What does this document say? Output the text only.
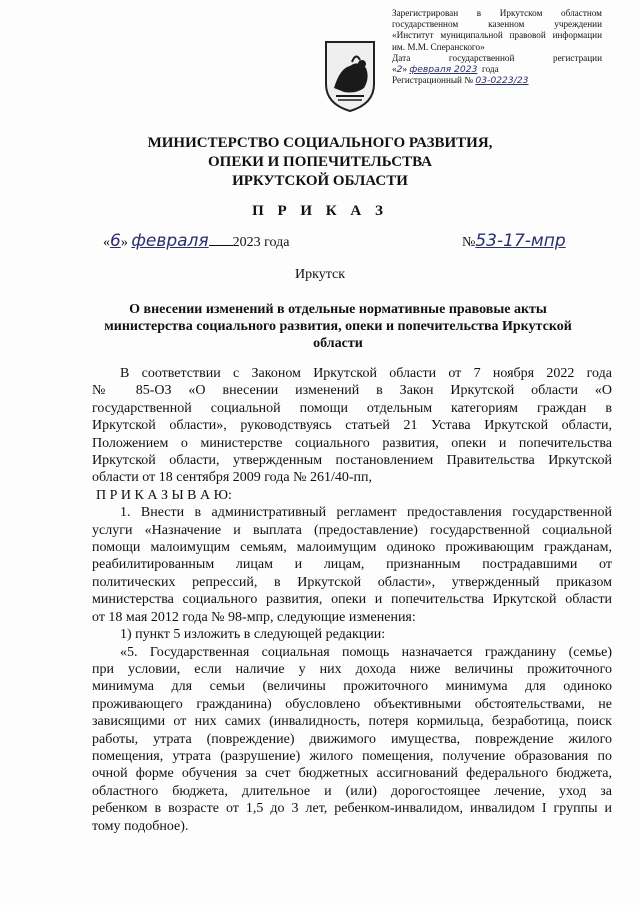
Зарегистрирован в Иркутском областном
государственном казенном учреждении
«Институт муниципальной правовой информации
им. М.М. Сперанского»
Дата государственной регистрации
«2» февраля 2023 года
Регистрационный № 03-0223/23
МИНИСТЕРСТВО СОЦИАЛЬНОГО РАЗВИТИЯ,
ОПЕКИ И ПОПЕЧИТЕЛЬСТВА
ИРКУТСКОЙ ОБЛАСТИ
П Р И К А З
«6» февраля 2023 года	№53-17-мпр
Иркутск
О внесении изменений в отдельные нормативные правовые акты
министерства социального развития, опеки и попечительства Иркутской
области
В соответствии с Законом Иркутской области от 7 ноября 2022 года
№ 85-ОЗ «О внесении изменений в Закон Иркутской области «О
государственной социальной помощи отдельным категориям граждан в
Иркутской области», руководствуясь статьей 21 Устава Иркутской области,
Положением о министерстве социального развития, опеки и попечительства
Иркутской области, утвержденным постановлением Правительства Иркутской
области от 18 сентября 2009 года № 261/40-пп,
П Р И К А З Ы В А Ю:
1. Внести в административный регламент предоставления государственной
услуги «Назначение и выплата (предоставление) государственной социальной
помощи малоимущим семьям, малоимущим одиноко проживающим гражданам,
реабилитированным лицам и лицам, признанным пострадавшими от
политических репрессий, в Иркутской области», утвержденный приказом
министерства социального развития, опеки и попечительства Иркутской области
от 18 мая 2012 года № 98-мпр, следующие изменения:
1) пункт 5 изложить в следующей редакции:
«5. Государственная социальная помощь назначается гражданину (семье)
при условии, если наличие у них дохода ниже величины прожиточного
минимума для семьи (величины прожиточного минимума для одиноко
проживающего гражданина) обусловлено объективными обстоятельствами, не
зависящими от них самих (инвалидность, потеря кормильца, безработица, поиск
работы, утрата (повреждение) движимого имущества, повреждение жилого
помещения, утрата (разрушение) жилого помещения, получение образования по
очной форме обучения за счет бюджетных ассигнований федерального бюджета,
областного бюджета, длительное и (или) дорогостоящее лечение, уход за
ребенком в возрасте от 1,5 до 3 лет, ребенком-инвалидом, инвалидом I группы и
тому подобное).
